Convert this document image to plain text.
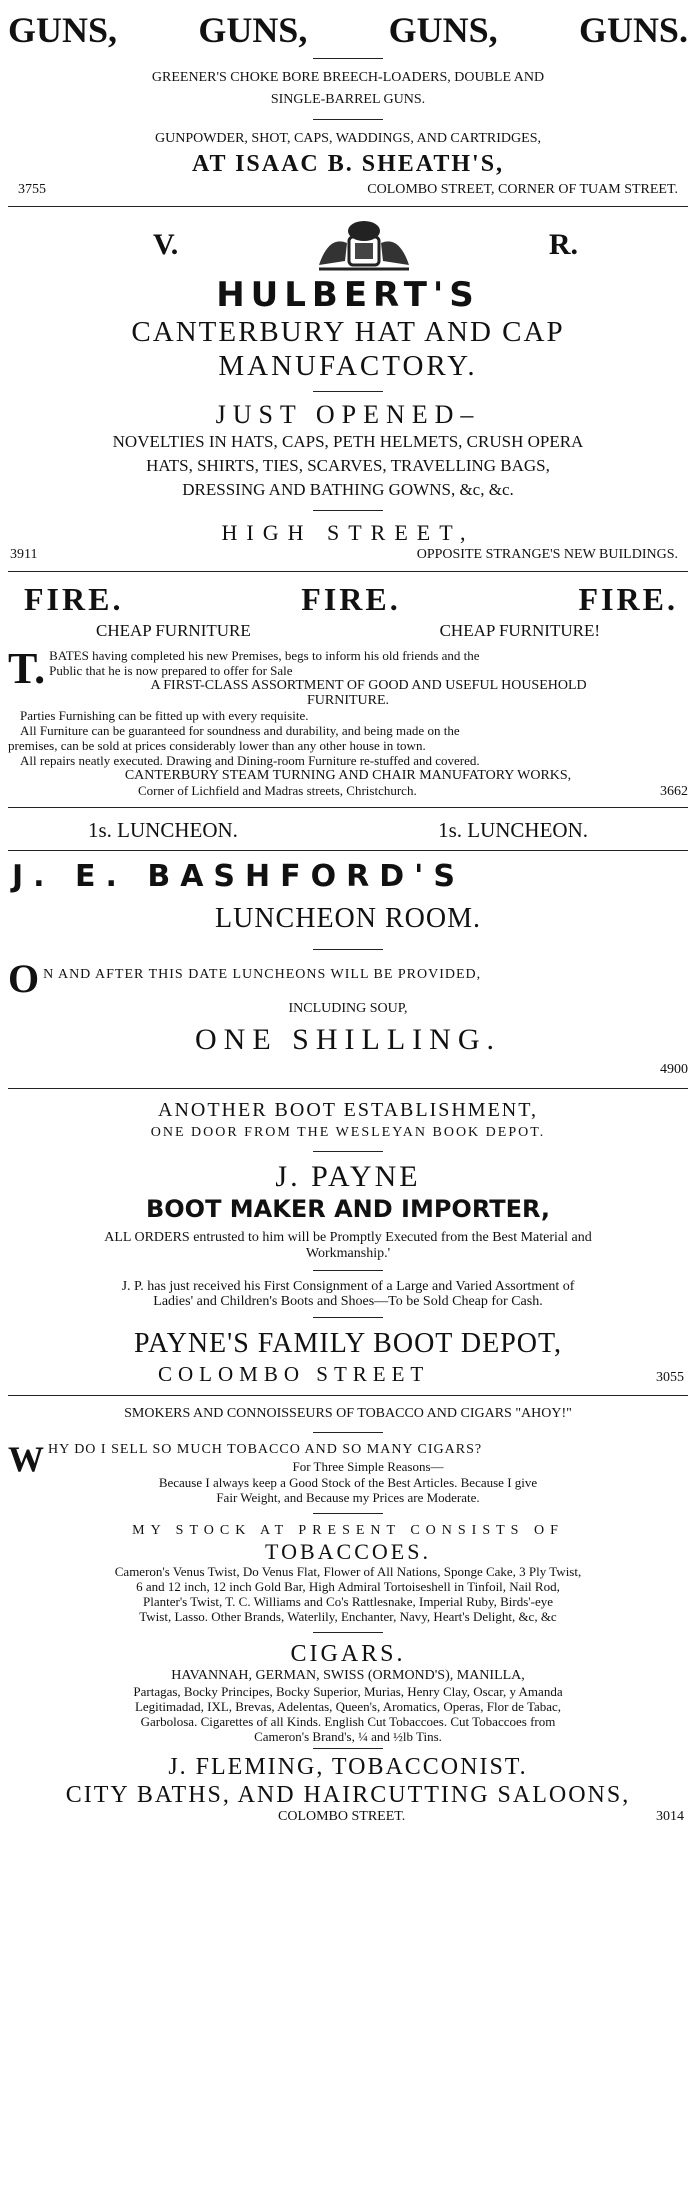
GUNS, GUNS, GUNS, GUNS.

GREENER'S CHOKE BORE BREECH-LOADERS, DOUBLE AND

SINGLE-BARREL GUNS.

GUNPOWDER, SHOT, CAPS, WADDINGS, AND CARTRIDGES,

AT ISAAC B. SHEATH'S,

3755	COLOMBO STREET, CORNER OF TUAM STREET.
V.	R.

HULBERT'S

CANTERBURY HAT AND CAP

MANUFACTORY.

JUST OPENED–

NOVELTIES IN HATS, CAPS, PETH HELMETS, CRUSH OPERA

HATS, SHIRTS, TIES, SCARVES, TRAVELLING BAGS,

DRESSING AND BATHING GOWNS, &c, &c.

HIGH STREET,

3911	OPPOSITE STRANGE'S NEW BUILDINGS.
FIRE.	FIRE.	FIRE.
CHEAP FURNITURE	CHEAP FURNITURE!
T. BATES having completed his new Premises, begs to inform his old friends and the

Public that he is now prepared to offer for Sale

A FIRST-CLASS ASSORTMENT OF GOOD AND USEFUL HOUSEHOLD

FURNITURE.

Parties Furnishing can be fitted up with every requisite.

All Furniture can be guaranteed for soundness and durability, and being made on the

premises, can be sold at prices considerably lower than any other house in town.

All repairs neatly executed. Drawing and Dining-room Furniture re-stuffed and covered.

CANTERBURY STEAM TURNING AND CHAIR MANUFATORY WORKS,

Corner of Lichfield and Madras streets, Christchurch.	3662
1s. LUNCHEON.	1s. LUNCHEON.

J. E. BASHFORD'S

LUNCHEON ROOM.

O N AND AFTER THIS DATE LUNCHEONS WILL BE PROVIDED,

INCLUDING SOUP,

ONE SHILLING.

4900

ANOTHER BOOT ESTABLISHMENT,

ONE DOOR FROM THE WESLEYAN BOOK DEPOT.

J. PAYNE

BOOT MAKER AND IMPORTER,

ALL ORDERS entrusted to him will be Promptly Executed from the Best Material and

Workmanship.'

J. P. has just received his First Consignment of a Large and Varied Assortment of

Ladies' and Children's Boots and Shoes—To be Sold Cheap for Cash.

PAYNE'S FAMILY BOOT DEPOT,

COLOMBO STREET	3055

SMOKERS AND CONNOISSEURS OF TOBACCO AND CIGARS "AHOY!"

W HY DO I SELL SO MUCH TOBACCO AND SO MANY CIGARS?

For Three Simple Reasons—

Because I always keep a Good Stock of the Best Articles. Because I give

Fair Weight, and Because my Prices are Moderate.

MY STOCK AT PRESENT CONSISTS OF

TOBACCOES.

Cameron's Venus Twist, Do Venus Flat, Flower of All Nations, Sponge Cake, 3 Ply Twist,

6 and 12 inch, 12 inch Gold Bar, High Admiral Tortoiseshell in Tinfoil, Nail Rod,

Planter's Twist, T. C. Williams and Co's Rattlesnake, Imperial Ruby, Birds'-eye

Twist, Lasso. Other Brands, Waterlily, Enchanter, Navy, Heart's Delight, &c, &c

CIGARS.

HAVANNAH, GERMAN, SWISS (ORMOND'S), MANILLA,

Partagas, Bocky Principes, Bocky Superior, Murias, Henry Clay, Oscar, y Amanda

Legitimadad, IXL, Brevas, Adelentas, Queen's, Aromatics, Operas, Flor de Tabac,

Garbolosa. Cigarettes of all Kinds. English Cut Tobaccoes. Cut Tobaccoes from

Cameron's Brand's, ¼ and ½lb Tins.

J. FLEMING, TOBACCONIST.

CITY BATHS, AND HAIRCUTTING SALOONS,

COLOMBO STREET.	3014
